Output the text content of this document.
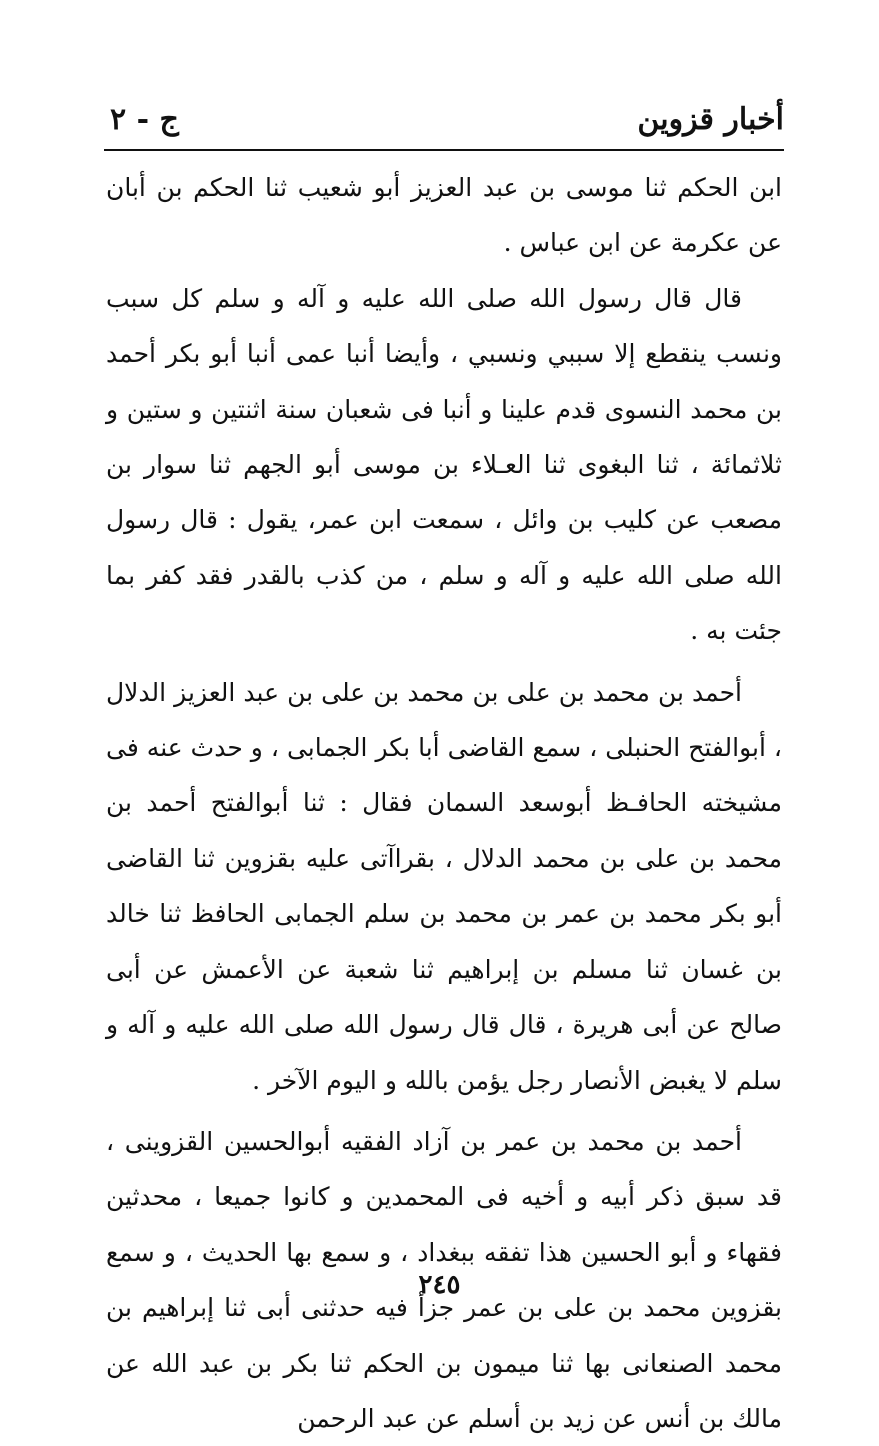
أخبار قزوين
ج - ٢

ابن الحكم ثنا موسى بن عبد العزيز أبو شعيب ثنا الحكم بن أبان عن عكرمة عن ابن عباس .

قال قال رسول الله صلى الله عليه و آله و سلم كل سبب ونسب ينقطع إلا سببي ونسبي ، وأيضا أنبا عمى أنبا أبو بكر أحمد بن محمد النسوى قدم علينا و أنبا فى شعبان سنة اثنتين و ستين و ثلاثمائة ، ثنا البغوى ثنا العـلاء بن موسى أبو الجهم ثنا سوار بن مصعب عن كليب بن وائل ، سمعت ابن عمر، يقول : قال رسول الله صلى الله عليه و آله و سلم ، من كذب بالقدر فقد كفر بما جئت به .

أحمد بن محمد بن على بن محمد بن على بن عبد العزيز الدلال ، أبوالفتح الحنبلى ، سمع القاضى أبا بكر الجمابى ، و حدث عنه فى مشيخته الحافـظ أبوسعد السمان فقال : ثنا أبوالفتح أحمد بن محمد بن على بن محمد الدلال ، بقراآتى عليه بقزوين ثنا القاضى أبو بكر محمد بن عمر بن محمد بن سلم الجمابى الحافظ ثنا خالد بن غسان ثنا مسلم بن إبراهيم ثنا شعبة عن الأعمش عن أبى صالح عن أبى هريرة ، قال قال رسول الله صلى الله عليه و آله و سلم لا يغبض الأنصار رجل يؤمن بالله و اليوم الآخر .

أحمد بن محمد بن عمر بن آزاد الفقيه أبوالحسين القزوينى ، قد سبق ذكر أبيه و أخيه فى المحمدين و كانوا جميعا ، محدثين فقهاء و أبو الحسين هذا تفقه ببغداد ، و سمع بها الحديث ، و سمع بقزوين محمد بن على بن عمر جزأ فيه حدثنى أبى ثنا إبراهيم بن محمد الصنعانى بها ثنا ميمون بن الحكم ثنا بكر بن عبد الله عن مالك بن أنس عن زيد بن أسلم عن عبد الرحمن

٢٤٥
